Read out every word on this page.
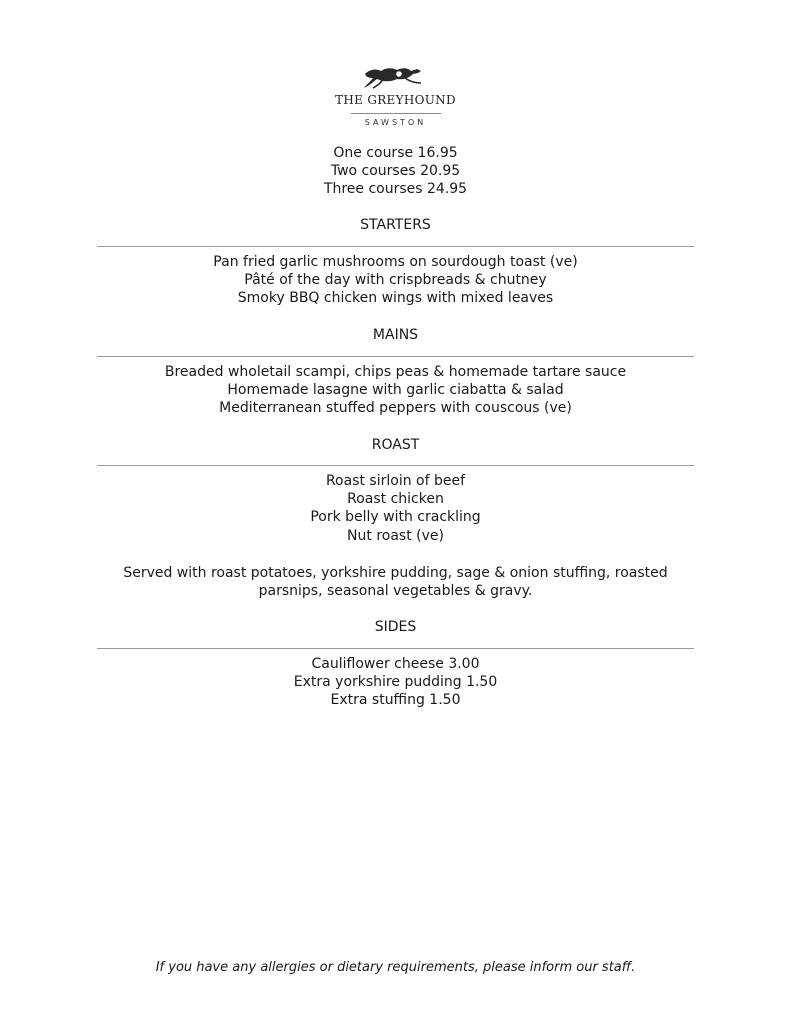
THE GREYHOUND
SAWSTON
One course 16.95
Two courses 20.95
Three courses 24.95
STARTERS
Pan fried garlic mushrooms on sourdough toast (ve)
Pâté of the day with crispbreads & chutney
Smoky BBQ chicken wings with mixed leaves
MAINS
Breaded wholetail scampi, chips peas & homemade tartare sauce
Homemade lasagne with garlic ciabatta & salad
Mediterranean stuffed peppers with couscous (ve)
ROAST
Roast sirloin of beef
Roast chicken
Pork belly with crackling
Nut roast (ve)
Served with roast potatoes, yorkshire pudding, sage & onion stuffing, roasted
parsnips, seasonal vegetables & gravy.
SIDES
Cauliflower cheese 3.00
Extra yorkshire pudding 1.50
Extra stuffing 1.50
If you have any allergies or dietary requirements, please inform our staff.
